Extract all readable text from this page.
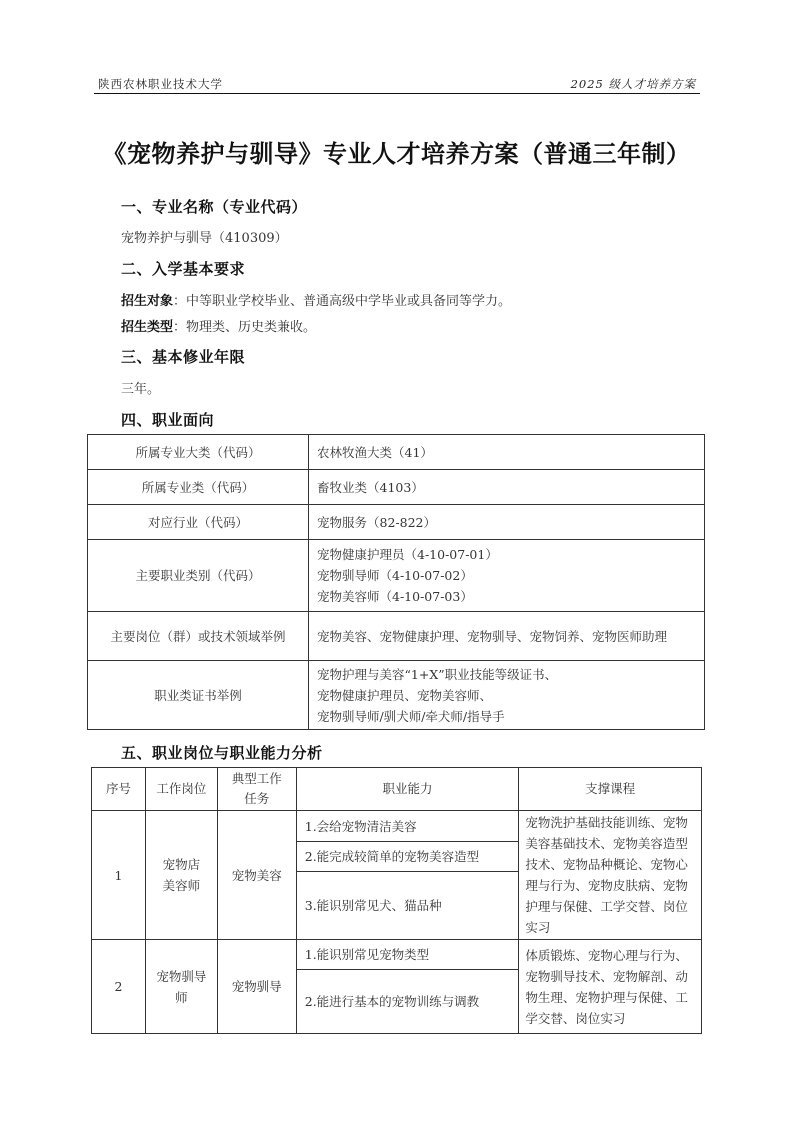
陕西农林职业技术大学	2025 级人才培养方案
《宠物养护与驯导》专业人才培养方案（普通三年制）
一、专业名称（专业代码）
宠物养护与驯导（410309）
二、入学基本要求
招生对象：中等职业学校毕业、普通高级中学毕业或具备同等学力。
招生类型：物理类、历史类兼收。
三、基本修业年限
三年。
四、职业面向
所属专业大类（代码）	农林牧渔大类（41）
所属专业类（代码）	畜牧业类（4103）
对应行业（代码）	宠物服务（82-822）
主要职业类别（代码）	宠物健康护理员（4-10-07-01）
宠物驯导师（4-10-07-02）
宠物美容师（4-10-07-03）

主要岗位（群）或技术领域举例	宠物美容、宠物健康护理、宠物驯导、宠物饲养、宠物医师助理
职业类证书举例	宠物护理与美容“1+X”职业技能等级证书、
宠物健康护理员、宠物美容师、
宠物驯导师/驯犬师/牵犬师/指导手
五、职业岗位与职业能力分析
序号	工作岗位	典型工作任务	职业能力	支撑课程
1	宠物店美容师	宠物美容	1.会给宠物清洁美容	宠物洗护基础技能训练、宠物美容基础技术、宠物美容造型技术、宠物品种概论、宠物心理与行为、宠物皮肤病、宠物护理与保健、工学交替、岗位实习
			2.能完成较简单的宠物美容造型	
			3.能识别常见犬、猫品种	
2	宠物驯导师	宠物驯导	1.能识别常见宠物类型	体质锻炼、宠物心理与行为、宠物驯导技术、宠物解剖、动物生理、宠物护理与保健、工学交替、岗位实习
			2.能进行基本的宠物训练与调教	
